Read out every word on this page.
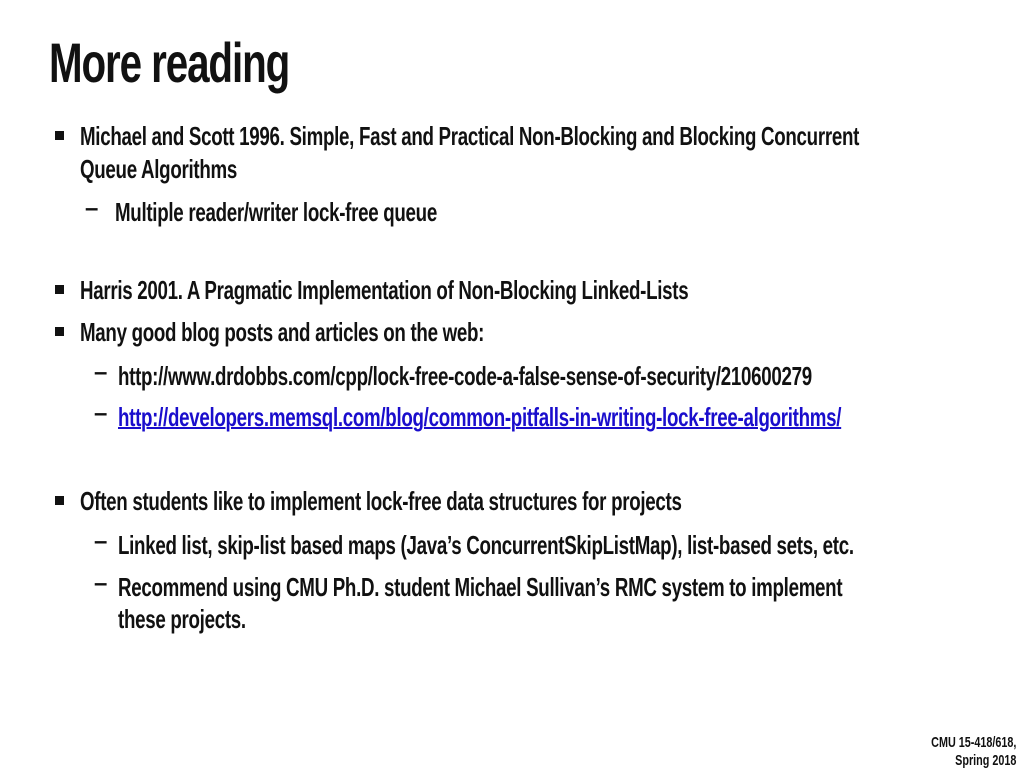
More reading
Michael and Scott 1996. Simple, Fast and Practical Non-Blocking and Blocking Concurrent
Queue Algorithms
– Multiple reader/writer lock-free queue
Harris 2001. A Pragmatic Implementation of Non-Blocking Linked-Lists
Many good blog posts and articles on the web:
– http://www.drdobbs.com/cpp/lock-free-code-a-false-sense-of-security/210600279
– http://developers.memsql.com/blog/common-pitfalls-in-writing-lock-free-algorithms/
Often students like to implement lock-free data structures for projects
– Linked list, skip-list based maps (Java’s ConcurrentSkipListMap), list-based sets, etc.
– Recommend using CMU Ph.D. student Michael Sullivan’s RMC system to implement
these projects.
CMU 15-418/618,
Spring 2018
